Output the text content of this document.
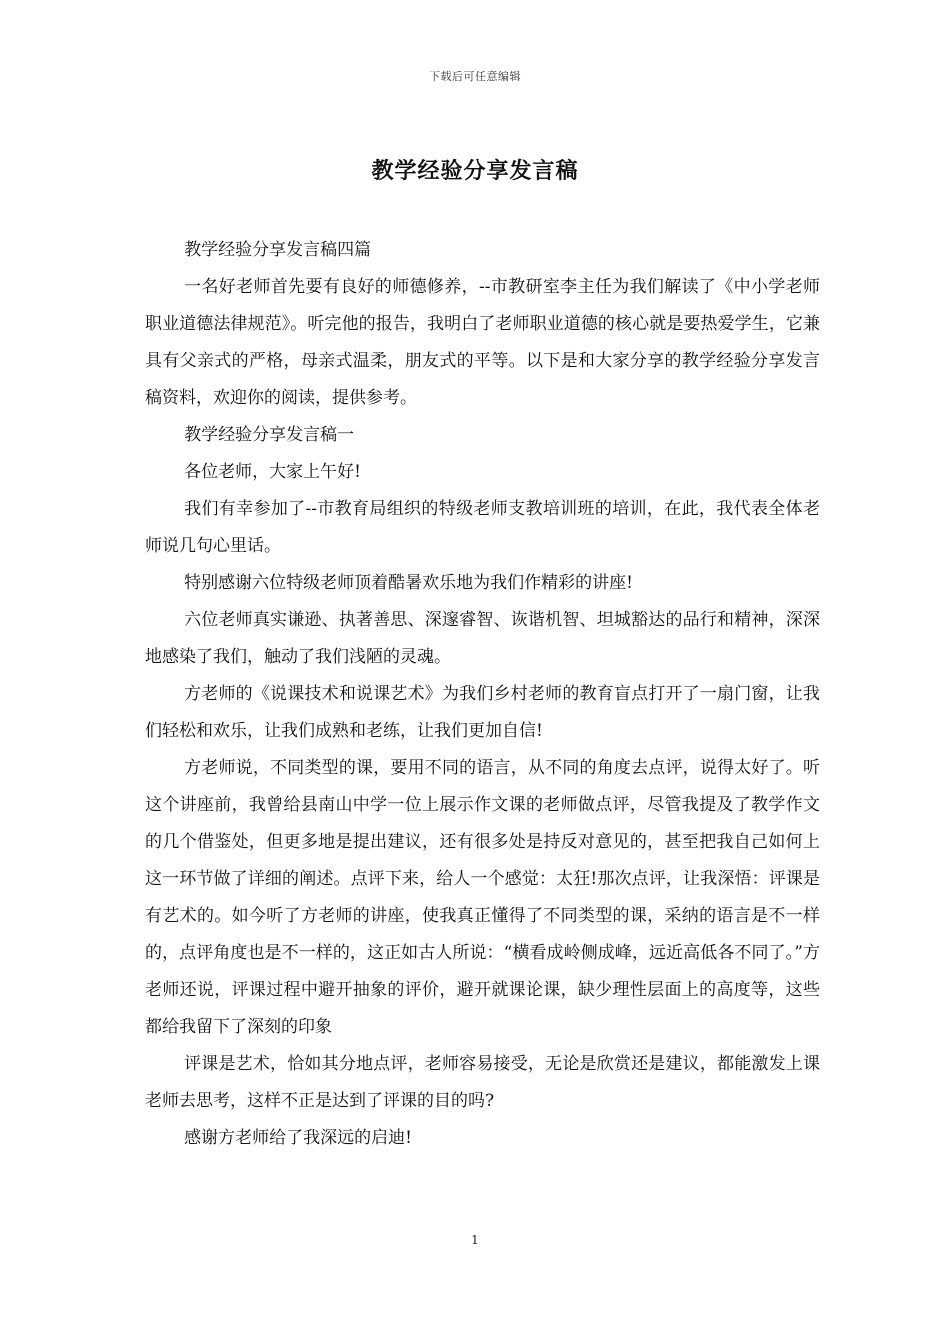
下载后可任意编辑
教学经验分享发言稿

教学经验分享发言稿四篇

一名好老师首先要有良好的师德修养，--市教研室李主任为我们解读了《中小学老师职业道德法律规范》。听完他的报告，我明白了老师职业道德的核心就是要热爱学生，它兼具有父亲式的严格，母亲式温柔，朋友式的平等。以下是和大家分享的教学经验分享发言稿资料，欢迎你的阅读，提供参考。

教学经验分享发言稿一

各位老师，大家上午好!

我们有幸参加了--市教育局组织的特级老师支教培训班的培训，在此，我代表全体老师说几句心里话。

特别感谢六位特级老师顶着酷暑欢乐地为我们作精彩的讲座!

六位老师真实谦逊、执著善思、深邃睿智、诙谐机智、坦城豁达的品行和精神，深深地感染了我们，触动了我们浅陋的灵魂。

方老师的《说课技术和说课艺术》为我们乡村老师的教育盲点打开了一扇门窗，让我们轻松和欢乐，让我们成熟和老练，让我们更加自信!

方老师说，不同类型的课，要用不同的语言，从不同的角度去点评，说得太好了。听这个讲座前，我曾给县南山中学一位上展示作文课的老师做点评，尽管我提及了教学作文的几个借鉴处，但更多地是提出建议，还有很多处是持反对意见的，甚至把我自己如何上这一环节做了详细的阐述。点评下来，给人一个感觉：太狂!那次点评，让我深悟：评课是有艺术的。如今听了方老师的讲座，使我真正懂得了不同类型的课，采纳的语言是不一样的，点评角度也是不一样的，这正如古人所说：“横看成岭侧成峰，远近高低各不同了。”方老师还说，评课过程中避开抽象的评价，避开就课论课，缺少理性层面上的高度等，这些都给我留下了深刻的印象

评课是艺术，恰如其分地点评，老师容易接受，无论是欣赏还是建议，都能激发上课老师去思考，这样不正是达到了评课的目的吗?

感谢方老师给了我深远的启迪!

1
